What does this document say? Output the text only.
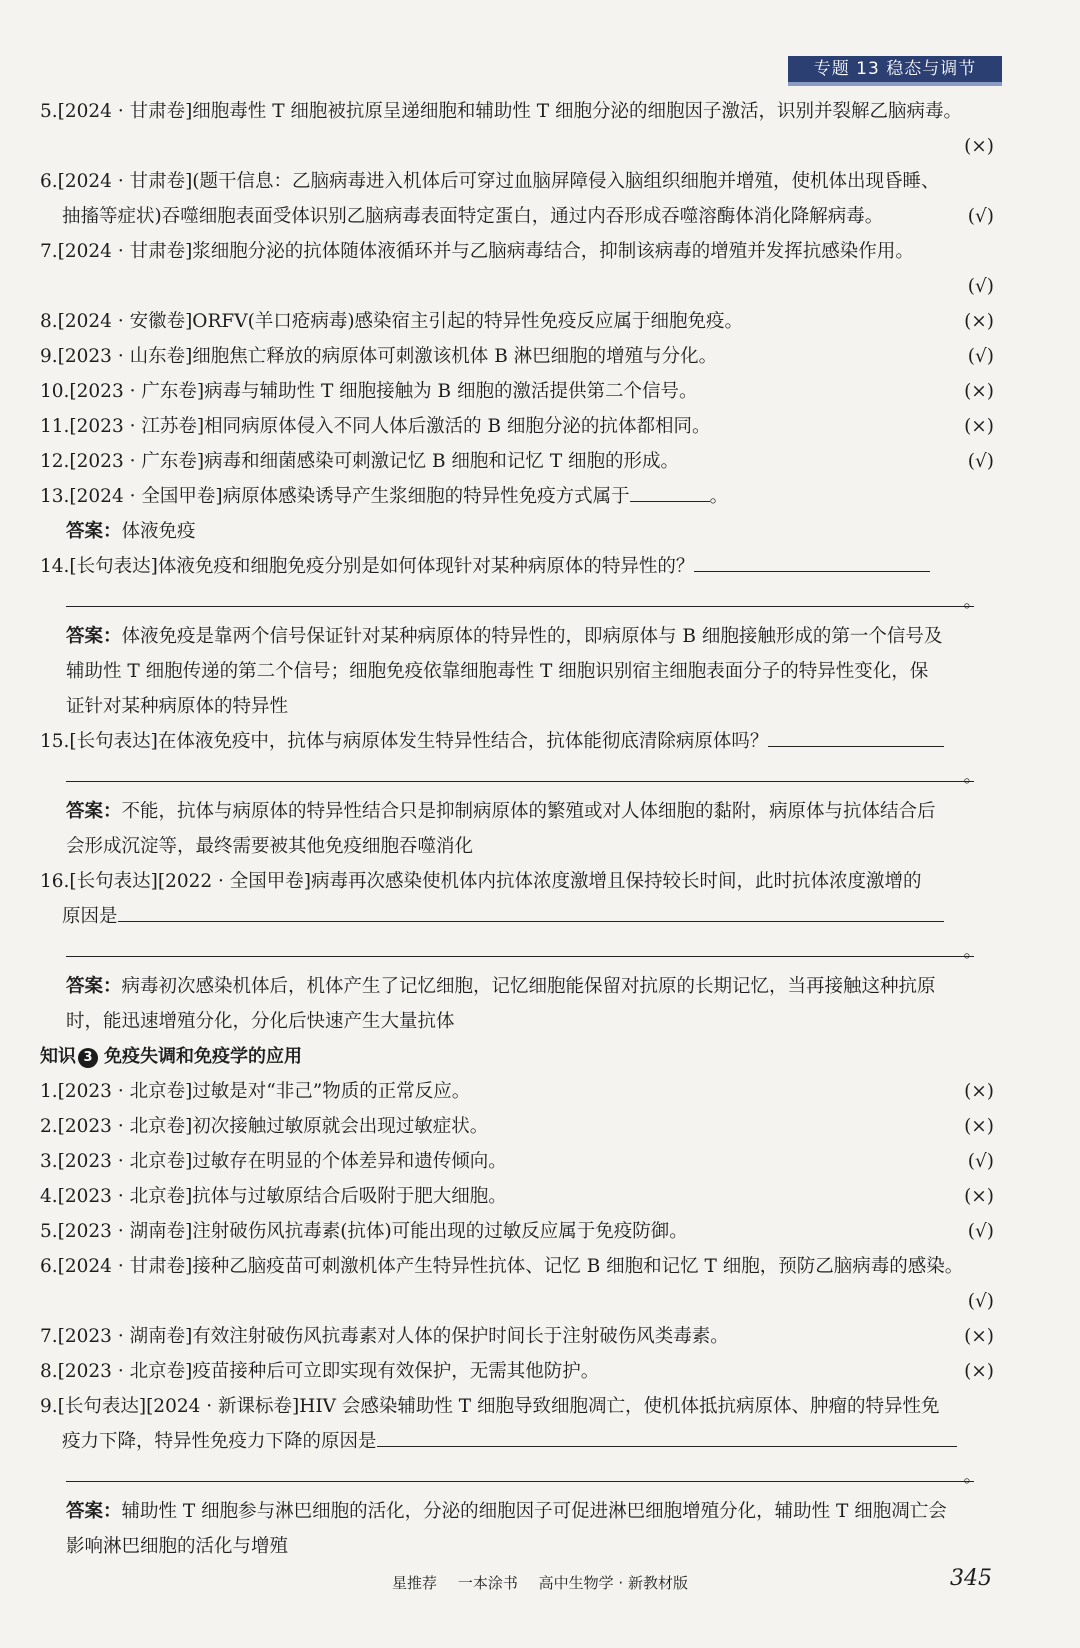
专题 13 稳态与调节
5.[2024 · 甘肃卷]细胞毒性 T 细胞被抗原呈递细胞和辅助性 T 细胞分泌的细胞因子激活，识别并裂解乙脑病毒。
(×)
6.[2024 · 甘肃卷](题干信息：乙脑病毒进入机体后可穿过血脑屏障侵入脑组织细胞并增殖，使机体出现昏睡、
抽搐等症状)吞噬细胞表面受体识别乙脑病毒表面特定蛋白，通过内吞形成吞噬溶酶体消化降解病毒。	(√)
7.[2024 · 甘肃卷]浆细胞分泌的抗体随体液循环并与乙脑病毒结合，抑制该病毒的增殖并发挥抗感染作用。
(√)
8.[2024 · 安徽卷]ORFV(羊口疮病毒)感染宿主引起的特异性免疫反应属于细胞免疫。	(×)
9.[2023 · 山东卷]细胞焦亡释放的病原体可刺激该机体 B 淋巴细胞的增殖与分化。	(√)
10.[2023 · 广东卷]病毒与辅助性 T 细胞接触为 B 细胞的激活提供第二个信号。	(×)
11.[2023 · 江苏卷]相同病原体侵入不同人体后激活的 B 细胞分泌的抗体都相同。	(×)
12.[2023 · 广东卷]病毒和细菌感染可刺激记忆 B 细胞和记忆 T 细胞的形成。	(√)
13.[2024 · 全国甲卷]病原体感染诱导产生浆细胞的特异性免疫方式属于	。
答案：体液免疫
14.[长句表达]体液免疫和细胞免疫分别是如何体现针对某种病原体的特异性的？
。
答案：体液免疫是靠两个信号保证针对某种病原体的特异性的，即病原体与 B 细胞接触形成的第一个信号及
辅助性 T 细胞传递的第二个信号；细胞免疫依靠细胞毒性 T 细胞识别宿主细胞表面分子的特异性变化，保
证针对某种病原体的特异性
15.[长句表达]在体液免疫中，抗体与病原体发生特异性结合，抗体能彻底清除病原体吗？
。
答案：不能，抗体与病原体的特异性结合只是抑制病原体的繁殖或对人体细胞的黏附，病原体与抗体结合后
会形成沉淀等，最终需要被其他免疫细胞吞噬消化
16.[长句表达][2022 · 全国甲卷]病毒再次感染使机体内抗体浓度激增且保持较长时间，此时抗体浓度激增的
原因是
。
答案：病毒初次感染机体后，机体产生了记忆细胞，记忆细胞能保留对抗原的长期记忆，当再接触这种抗原
时，能迅速增殖分化，分化后快速产生大量抗体
知识 3 免疫失调和免疫学的应用
1.[2023 · 北京卷]过敏是对“非己”物质的正常反应。	(×)
2.[2023 · 北京卷]初次接触过敏原就会出现过敏症状。	(×)
3.[2023 · 北京卷]过敏存在明显的个体差异和遗传倾向。	(√)
4.[2023 · 北京卷]抗体与过敏原结合后吸附于肥大细胞。	(×)
5.[2023 · 湖南卷]注射破伤风抗毒素(抗体)可能出现的过敏反应属于免疫防御。	(√)
6.[2024 · 甘肃卷]接种乙脑疫苗可刺激机体产生特异性抗体、记忆 B 细胞和记忆 T 细胞，预防乙脑病毒的感染。
(√)
7.[2023 · 湖南卷]有效注射破伤风抗毒素对人体的保护时间长于注射破伤风类毒素。	(×)
8.[2023 · 北京卷]疫苗接种后可立即实现有效保护，无需其他防护。	(×)
9.[长句表达][2024 · 新课标卷]HIV 会感染辅助性 T 细胞导致细胞凋亡，使机体抵抗病原体、肿瘤的特异性免
疫力下降，特异性免疫力下降的原因是
。
答案：辅助性 T 细胞参与淋巴细胞的活化，分泌的细胞因子可促进淋巴细胞增殖分化，辅助性 T 细胞凋亡会
影响淋巴细胞的活化与增殖
星推荐 一本涂书 高中生物学 · 新教材版	345
